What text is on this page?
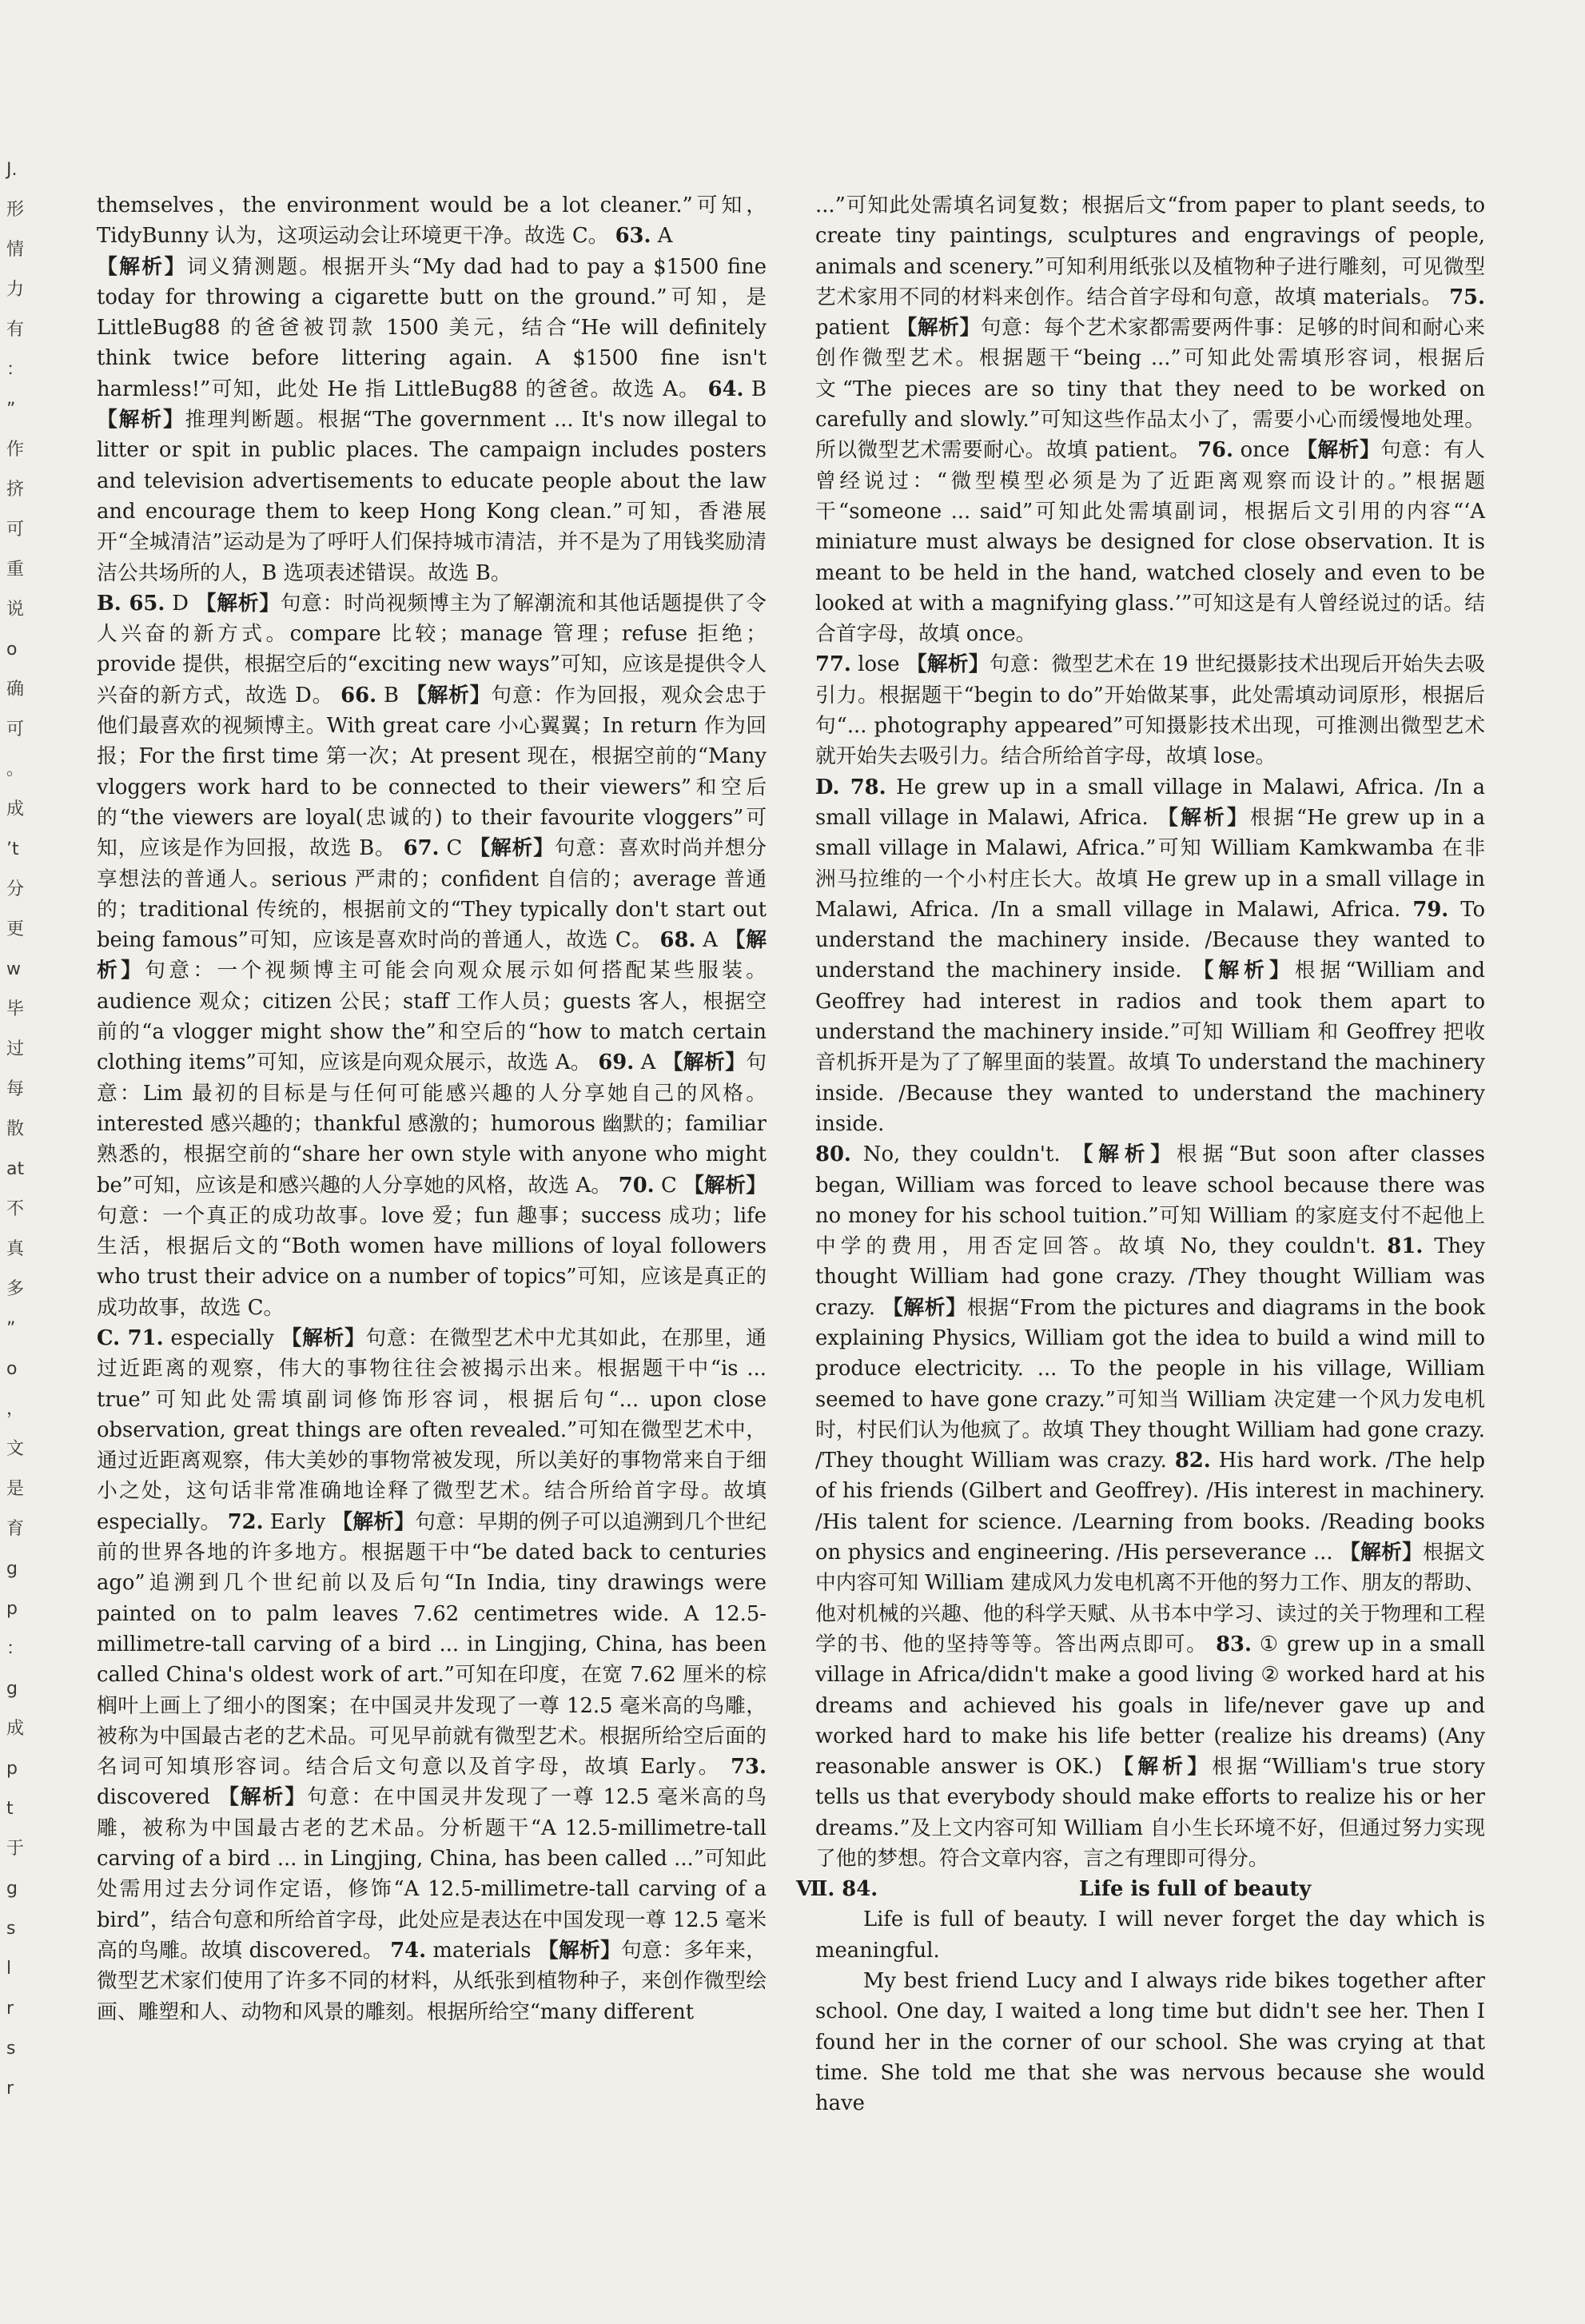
J.
形
情
力
有
：
”
作
挤
可
重
说
o
确
可
。
成
’t
分
更
w
毕
过
每
散
at
不
真
多
”
o
，
文
是
育
g
p
：
g
成
p
t
于
g
s
l
r
s
r

themselves，the environment would be a lot cleaner.”可知，TidyBunny 认为，这项运动会让环境更干净。故选 C。 63. A

【解析】词义猜测题。根据开头“My dad had to pay a $1500 fine today for throwing a cigarette butt on the ground.”可知，是 LittleBug88 的爸爸被罚款 1500 美元，结合“He will definitely think twice before littering again. A $1500 fine isn't harmless!”可知，此处 He 指 LittleBug88 的爸爸。故选 A。 64. B 【解析】推理判断题。根据“The government ... It's now illegal to litter or spit in public places. The campaign includes posters and television advertisements to educate people about the law and encourage them to keep Hong Kong clean.”可知，香港展开“全城清洁”运动是为了呼吁人们保持城市清洁，并不是为了用钱奖励清洁公共场所的人，B 选项表述错误。故选 B。

B. 65. D 【解析】句意：时尚视频博主为了解潮流和其他话题提供了令人兴奋的新方式。compare 比较；manage 管理；refuse 拒绝；provide 提供，根据空后的“exciting new ways”可知，应该是提供令人兴奋的新方式，故选 D。 66. B 【解析】句意：作为回报，观众会忠于他们最喜欢的视频博主。With great care 小心翼翼；In return 作为回报；For the first time 第一次；At present 现在，根据空前的“Many vloggers work hard to be connected to their viewers”和空后的“the viewers are loyal(忠诚的) to their favourite vloggers”可知，应该是作为回报，故选 B。 67. C 【解析】句意：喜欢时尚并想分享想法的普通人。serious 严肃的；confident 自信的；average 普通的；traditional 传统的，根据前文的“They typically don't start out being famous”可知，应该是喜欢时尚的普通人，故选 C。 68. A 【解析】句意：一个视频博主可能会向观众展示如何搭配某些服装。audience 观众；citizen 公民；staff 工作人员；guests 客人，根据空前的“a vlogger might show the”和空后的“how to match certain clothing items”可知，应该是向观众展示，故选 A。 69. A 【解析】句意：Lim 最初的目标是与任何可能感兴趣的人分享她自己的风格。interested 感兴趣的；thankful 感激的；humorous 幽默的；familiar 熟悉的，根据空前的“share her own style with anyone who might be”可知，应该是和感兴趣的人分享她的风格，故选 A。 70. C 【解析】句意：一个真正的成功故事。love 爱；fun 趣事；success 成功；life 生活，根据后文的“Both women have millions of loyal followers who trust their advice on a number of topics”可知，应该是真正的成功故事，故选 C。

C. 71. especially 【解析】句意：在微型艺术中尤其如此，在那里，通过近距离的观察，伟大的事物往往会被揭示出来。根据题干中“is ... true”可知此处需填副词修饰形容词，根据后句“... upon close observation, great things are often revealed.”可知在微型艺术中，通过近距离观察，伟大美妙的事物常被发现，所以美好的事物常来自于细小之处，这句话非常准确地诠释了微型艺术。结合所给首字母。故填 especially。 72. Early 【解析】句意：早期的例子可以追溯到几个世纪前的世界各地的许多地方。根据题干中“be dated back to centuries ago”追溯到几个世纪前以及后句“In India, tiny drawings were painted on to palm leaves 7.62 centimetres wide. A 12.5-millimetre-tall carving of a bird ... in Lingjing, China, has been called China's oldest work of art.”可知在印度，在宽 7.62 厘米的棕榈叶上画上了细小的图案；在中国灵井发现了一尊 12.5 毫米高的鸟雕，被称为中国最古老的艺术品。可见早前就有微型艺术。根据所给空后面的名词可知填形容词。结合后文句意以及首字母，故填 Early。 73. discovered 【解析】句意：在中国灵井发现了一尊 12.5 毫米高的鸟雕，被称为中国最古老的艺术品。分析题干“A 12.5-millimetre-tall carving of a bird ... in Lingjing, China, has been called ...”可知此处需用过去分词作定语，修饰“A 12.5-millimetre-tall carving of a bird”，结合句意和所给首字母，此处应是表达在中国发现一尊 12.5 毫米高的鸟雕。故填 discovered。 74. materials 【解析】句意：多年来，微型艺术家们使用了许多不同的材料，从纸张到植物种子，来创作微型绘画、雕塑和人、动物和风景的雕刻。根据所给空“many different

...”可知此处需填名词复数；根据后文“from paper to plant seeds, to create tiny paintings, sculptures and engravings of people, animals and scenery.”可知利用纸张以及植物种子进行雕刻，可见微型艺术家用不同的材料来创作。结合首字母和句意，故填 materials。 75. patient 【解析】句意：每个艺术家都需要两件事：足够的时间和耐心来创作微型艺术。根据题干“being ...”可知此处需填形容词，根据后文“The pieces are so tiny that they need to be worked on carefully and slowly.”可知这些作品太小了，需要小心而缓慢地处理。所以微型艺术需要耐心。故填 patient。 76. once 【解析】句意：有人曾经说过：“微型模型必须是为了近距离观察而设计的。”根据题干“someone ... said”可知此处需填副词，根据后文引用的内容“‘A miniature must always be designed for close observation. It is meant to be held in the hand, watched closely and even to be looked at with a magnifying glass.’”可知这是有人曾经说过的话。结合首字母，故填 once。

77. lose 【解析】句意：微型艺术在 19 世纪摄影技术出现后开始失去吸引力。根据题干“begin to do”开始做某事，此处需填动词原形，根据后句“... photography appeared”可知摄影技术出现，可推测出微型艺术就开始失去吸引力。结合所给首字母，故填 lose。

D. 78. He grew up in a small village in Malawi, Africa. /In a small village in Malawi, Africa. 【解析】根据“He grew up in a small village in Malawi, Africa.”可知 William Kamkwamba 在非洲马拉维的一个小村庄长大。故填 He grew up in a small village in Malawi, Africa. /In a small village in Malawi, Africa. 79. To understand the machinery inside. /Because they wanted to understand the machinery inside. 【解析】根据“William and Geoffrey had interest in radios and took them apart to understand the machinery inside.”可知 William 和 Geoffrey 把收音机拆开是为了了解里面的装置。故填 To understand the machinery inside. /Because they wanted to understand the machinery inside.

80. No, they couldn't. 【解析】根据“But soon after classes began, William was forced to leave school because there was no money for his school tuition.”可知 William 的家庭支付不起他上中学的费用，用否定回答。故填 No, they couldn't. 81. They thought William had gone crazy. /They thought William was crazy. 【解析】根据“From the pictures and diagrams in the book explaining Physics, William got the idea to build a wind mill to produce electricity. ... To the people in his village, William seemed to have gone crazy.”可知当 William 决定建一个风力发电机时，村民们认为他疯了。故填 They thought William had gone crazy. /They thought William was crazy. 82. His hard work. /The help of his friends (Gilbert and Geoffrey). /His interest in machinery. /His talent for science. /Learning from books. /Reading books on physics and engineering. /His perseverance ... 【解析】根据文中内容可知 William 建成风力发电机离不开他的努力工作、朋友的帮助、他对机械的兴趣、他的科学天赋、从书本中学习、读过的关于物理和工程学的书、他的坚持等等。答出两点即可。 83. ① grew up in a small village in Africa/didn't make a good living ② worked hard at his dreams and achieved his goals in life/never gave up and worked hard to make his life better (realize his dreams) (Any reasonable answer is OK.) 【解析】根据“William's true story tells us that everybody should make efforts to realize his or her dreams.”及上文内容可知 William 自小生长环境不好，但通过努力实现了他的梦想。符合文章内容，言之有理即可得分。

Ⅶ. 84.	Life is full of beauty

Life is full of beauty. I will never forget the day which is meaningful.

My best friend Lucy and I always ride bikes together after school. One day, I waited a long time but didn't see her. Then I found her in the corner of our school. She was crying at that time. She told me that she was nervous because she would have
